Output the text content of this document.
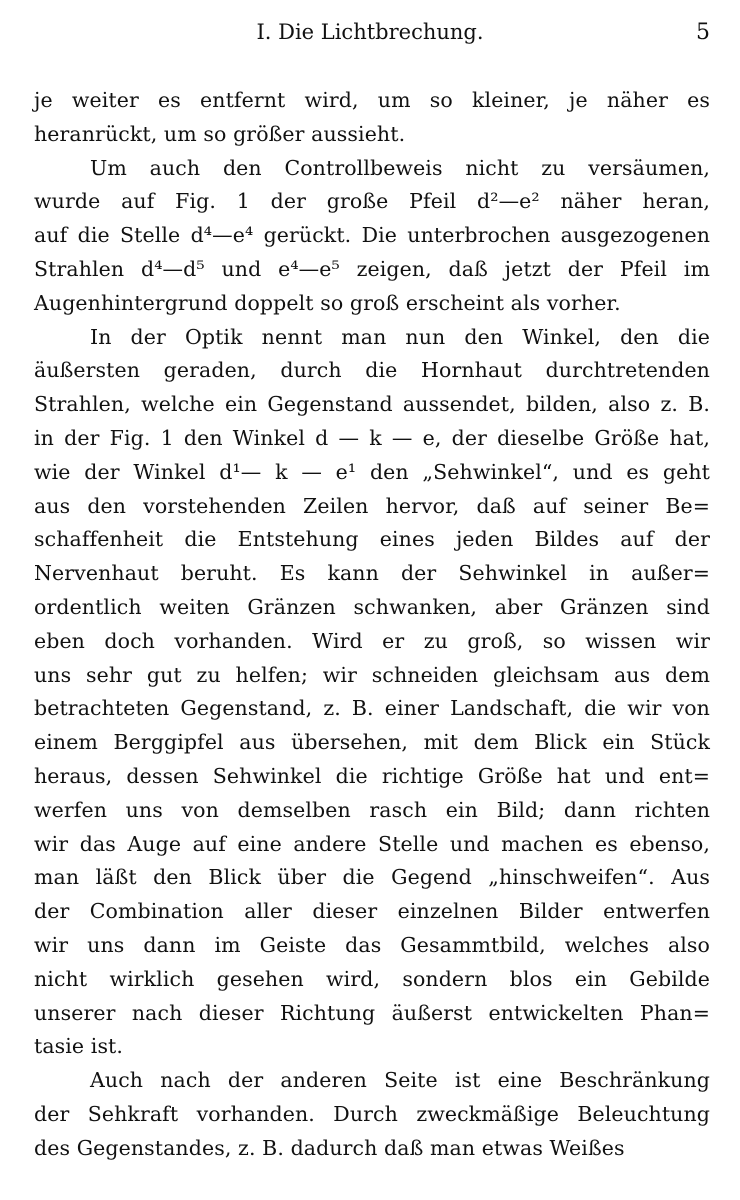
I. Die Lichtbrechung.	5
je weiter es entfernt wird, um so kleiner, je näher es
heranrückt, um so größer aussieht.
Um auch den Controllbeweis nicht zu versäumen,
wurde auf Fig. 1 der große Pfeil d²—e² näher heran,
auf die Stelle d⁴—e⁴ gerückt. Die unterbrochen ausgezogenen
Strahlen d⁴—d⁵ und e⁴—e⁵ zeigen, daß jetzt der Pfeil im
Augenhintergrund doppelt so groß erscheint als vorher.
In der Optik nennt man nun den Winkel, den die
äußersten geraden, durch die Hornhaut durchtretenden
Strahlen, welche ein Gegenstand aussendet, bilden, also z. B.
in der Fig. 1 den Winkel d — k — e, der dieselbe Größe hat,
wie der Winkel d¹— k — e¹ den „Sehwinkel“, und es geht
aus den vorstehenden Zeilen hervor, daß auf seiner Be=
schaffenheit die Entstehung eines jeden Bildes auf der
Nervenhaut beruht. Es kann der Sehwinkel in außer=
ordentlich weiten Gränzen schwanken, aber Gränzen sind
eben doch vorhanden. Wird er zu groß, so wissen wir
uns sehr gut zu helfen; wir schneiden gleichsam aus dem
betrachteten Gegenstand, z. B. einer Landschaft, die wir von
einem Berggipfel aus übersehen, mit dem Blick ein Stück
heraus, dessen Sehwinkel die richtige Größe hat und ent=
werfen uns von demselben rasch ein Bild; dann richten
wir das Auge auf eine andere Stelle und machen es ebenso,
man läßt den Blick über die Gegend „hinschweifen“. Aus
der Combination aller dieser einzelnen Bilder entwerfen
wir uns dann im Geiste das Gesammtbild, welches also
nicht wirklich gesehen wird, sondern blos ein Gebilde
unserer nach dieser Richtung äußerst entwickelten Phan=
tasie ist.
Auch nach der anderen Seite ist eine Beschränkung
der Sehkraft vorhanden. Durch zweckmäßige Beleuchtung
des Gegenstandes, z. B. dadurch daß man etwas Weißes
